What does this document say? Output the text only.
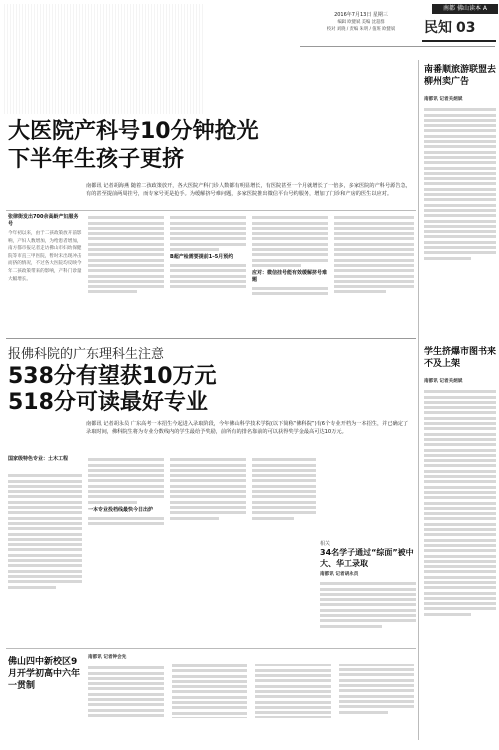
2016年7月13日 星期三
编辑 欧健斌 美编 沈超群
校对 刘晓 / 责编 朱明 / 值班 欧健斌
南都 佛山读本 A
民知 03
大医院产科号10分钟抢光
下半年生孩子更挤
南都讯 记者胡海燕 随着二孩政策放开，各大医院产科门诊人数都有明显增长，有医院甚至一个月就增长了一倍多，多家医院的产科号源告急，有的甚至提前两周挂号，而专家号更是抢手。为缓解挤号难问题，多家医院推出微信平台号约服务，增加了门诊和产房的医生以应对。
张律街发出700余高龄产妇服务号
今年初以来，由于二孩政策放开前影响，产妇人数增加，为给患者增加，南方都市报记者走访佛山市妇幼保健院等市直三甲医院，暂时未出现冲击而挤的情况，不过各大医院均反映今年二孩政策带来的影响，产科门诊量大幅增长。
B超产检需要提前1–5月预约
应对：微信挂号能有效缓解挤号难题
南番顺旅游联盟去柳州卖广告
南都讯 记者关炳斌
学生挤爆市图书来不及上架
南都讯 记者关炳斌
报佛科院的广东理科生注意
538分有望获10万元
518分可读最好专业
南都讯 记者胡永员 广东高考一本招生今起进入录取阶段，今年佛山科学技术学院(以下简称“佛科院”)有6个专业开档为一本招生，并已确定了录取时间，佛科院生将为专业分数线内的学生最给予奖励，前所有的排名靠前的可以获得奖学金最高可达10万元。
国家级特色专业：土木工程
一本专业投档线最快今日出炉
相关
34名学子通过“综面”被中大、华工录取
南都讯 记者胡永员
佛山四中新校区9月开学初高中六年一贯制
南都讯 记者钟会先
